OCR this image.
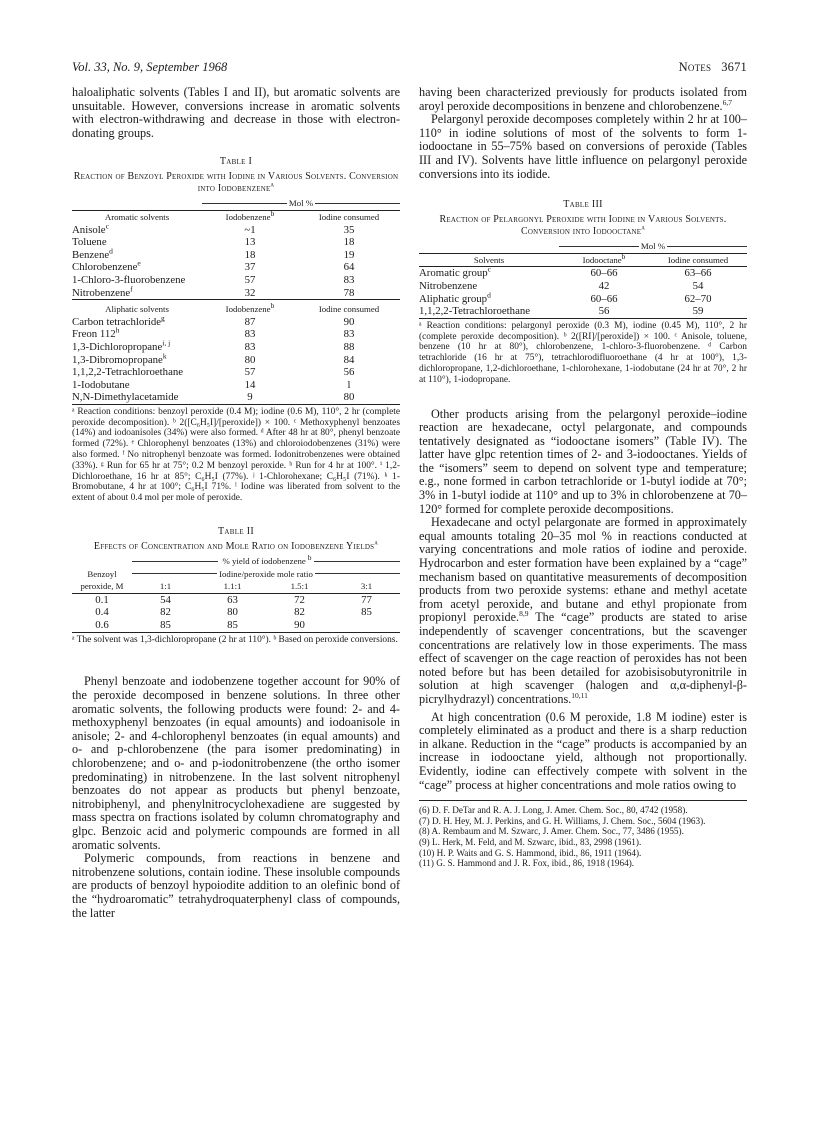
Vol. 33, No. 9, September 1968	Notes 3671

haloaliphatic solvents (Tables I and II), but aromatic solvents are unsuitable. However, conversions increase in aromatic solvents with electron-withdrawing and decrease in those with electron-donating groups.

Table I
Reaction of Benzoyl Peroxide with Iodine in Various Solvents. Conversion into Iodobenzene$^a$

	Mol %	

Aromatic solvents	Iodobenzene$^b$	Iodine consumed
Anisole$^c$	~1	35
Toluene	13	18
Benzene$^d$	18	19
Chlorobenzene$^e$	37	64
1-Chloro-3-fluorobenzene	57	83
Nitrobenzene$^f$	32	78
Aliphatic solvents	Iodobenzene$^b$	Iodine consumed
Carbon tetrachloride$^g$	87	90
Freon 112$^h$	83	83
1,3-Dichloropropane$^{i, j}$	83	88
1,3-Dibromopropane$^k$	80	84
1,1,2,2-Tetrachloroethane	57	56
1-Iodobutane	14	l
N,N-Dimethylacetamide	9	80

ᵃ Reaction conditions: benzoyl peroxide (0.4 M); iodine (0.6 M), 110°, 2 hr (complete peroxide decomposition). ᵇ 2([C₆H₅I]/[peroxide]) × 100. ᶜ Methoxyphenyl benzoates (14%) and iodoanisoles (34%) were also formed. ᵈ After 48 hr at 80°, phenyl benzoate formed (72%). ᵉ Chlorophenyl benzoates (13%) and chloroiodobenzenes (31%) were also formed. ᶠ No nitrophenyl benzoate was formed. Iodonitrobenzenes were obtained (33%). ᵍ Run for 65 hr at 75°; 0.2 M benzoyl peroxide. ʰ Run for 4 hr at 100°. ⁱ 1,2-Dichloroethane, 16 hr at 85°; C₆H₅I (77%). ʲ 1-Chlorohexane; C₆H₅I (71%). ᵏ 1-Bromobutane, 4 hr at 100°; C₆H₅I 71%. ˡ Iodine was liberated from solvent to the extent of about 0.4 mol per mole of peroxide.

Table II
Effects of Concentration and Mole Ratio on Iodobenzene Yields$^a$

	% yield of iodobenzene $^b$

Benzoyl	Iodine/peroxide mole ratio			

peroxide, M	1:1	1.1:1	1.5:1	3:1
0.1	54	63	72	77
0.4	82	80	82	85
0.6	85	85	90	

ᵃ The solvent was 1,3-dichloropropane (2 hr at 110°). ᵇ Based on peroxide conversions.

Phenyl benzoate and iodobenzene together account for 90% of the peroxide decomposed in benzene solutions. In three other aromatic solvents, the following products were found: 2- and 4-methoxyphenyl benzoates (in equal amounts) and iodoanisole in anisole; 2- and 4-chlorophenyl benzoates (in equal amounts) and o- and p-chlorobenzene (the para isomer predominating) in chlorobenzene; and o- and p-iodonitrobenzene (the ortho isomer predominating) in nitrobenzene. In the last solvent nitrophenyl benzoates do not appear as products but phenyl benzoate, nitrobiphenyl, and phenylnitrocyclohexadiene are suggested by mass spectra on fractions isolated by column chromatography and glpc. Benzoic acid and polymeric compounds are formed in all aromatic solvents.

Polymeric compounds, from reactions in benzene and nitrobenzene solutions, contain iodine. These insoluble compounds are products of benzoyl hypoiodite addition to an olefinic bond of the “hydroaromatic” tetrahydroquaterphenyl class of compounds, the latter

having been characterized previously for products isolated from aroyl peroxide decompositions in benzene and chlorobenzene.$^{6,7}$

Pelargonyl peroxide decomposes completely within 2 hr at 100–110° in iodine solutions of most of the solvents to form 1-iodooctane in 55–75% based on conversions of peroxide (Tables III and IV). Solvents have little influence on pelargonyl peroxide conversions into its iodide.

Table III
Reaction of Pelargonyl Peroxide with Iodine in Various Solvents. Conversion into Iodooctane$^a$

	Mol %	

Solvents	Iodooctane$^b$	Iodine consumed
Aromatic group$^c$	60–66	63–66
Nitrobenzene	42	54
Aliphatic group$^d$	60–66	62–70
1,1,2,2-Tetrachloroethane	56	59

ᵃ Reaction conditions: pelargonyl peroxide (0.3 M), iodine (0.45 M), 110°, 2 hr (complete peroxide decomposition). ᵇ 2([RI]/[peroxide]) × 100. ᶜ Anisole, toluene, benzene (10 hr at 80°), chlorobenzene, 1-chloro-3-fluorobenzene. ᵈ Carbon tetrachloride (16 hr at 75°), tetrachlorodifluoroethane (4 hr at 100°), 1,3-dichloropropane, 1,2-dichloroethane, 1-chlorohexane, 1-iodobutane (24 hr at 70°, 2 hr at 110°), 1-iodopropane.

Other products arising from the pelargonyl peroxide–iodine reaction are hexadecane, octyl pelargonate, and compounds tentatively designated as “iodooctane isomers” (Table IV). The latter have glpc retention times of 2- and 3-iodooctanes. Yields of the “isomers” seem to depend on solvent type and temperature; e.g., none formed in carbon tetrachloride or 1-butyl iodide at 70°; 3% in 1-butyl iodide at 110° and up to 3% in chlorobenzene at 70–120° formed for complete peroxide decompositions.

Hexadecane and octyl pelargonate are formed in approximately equal amounts totaling 20–35 mol % in reactions conducted at varying concentrations and mole ratios of iodine and peroxide. Hydrocarbon and ester formation have been explained by a “cage” mechanism based on quantitative measurements of decomposition products from two peroxide systems: ethane and methyl acetate from acetyl peroxide, and butane and ethyl propionate from propionyl peroxide.$^{8,9}$ The “cage” products are stated to arise independently of scavenger concentrations, but the scavenger concentrations are relatively low in those experiments. The mass effect of scavenger on the cage reaction of peroxides has not been noted before but has been detailed for azobisisobutyronitrile in solution at high scavenger (halogen and α,α-diphenyl-β-picrylhydrazyl) concentrations.$^{10,11}$

At high concentration (0.6 M peroxide, 1.8 M iodine) ester is completely eliminated as a product and there is a sharp reduction in alkane. Reduction in the “cage” products is accompanied by an increase in iodooctane yield, although not proportionally. Evidently, iodine can effectively compete with solvent in the “cage” process at higher concentrations and mole ratios owing to

(6) D. F. DeTar and R. A. J. Long, J. Amer. Chem. Soc., 80, 4742 (1958).
(7) D. H. Hey, M. J. Perkins, and G. H. Williams, J. Chem. Soc., 5604 (1963).
(8) A. Rembaum and M. Szwarc, J. Amer. Chem. Soc., 77, 3486 (1955).
(9) L. Herk, M. Feld, and M. Szwarc, ibid., 83, 2998 (1961).
(10) H. P. Waits and G. S. Hammond, ibid., 86, 1911 (1964).
(11) G. S. Hammond and J. R. Fox, ibid., 86, 1918 (1964).
